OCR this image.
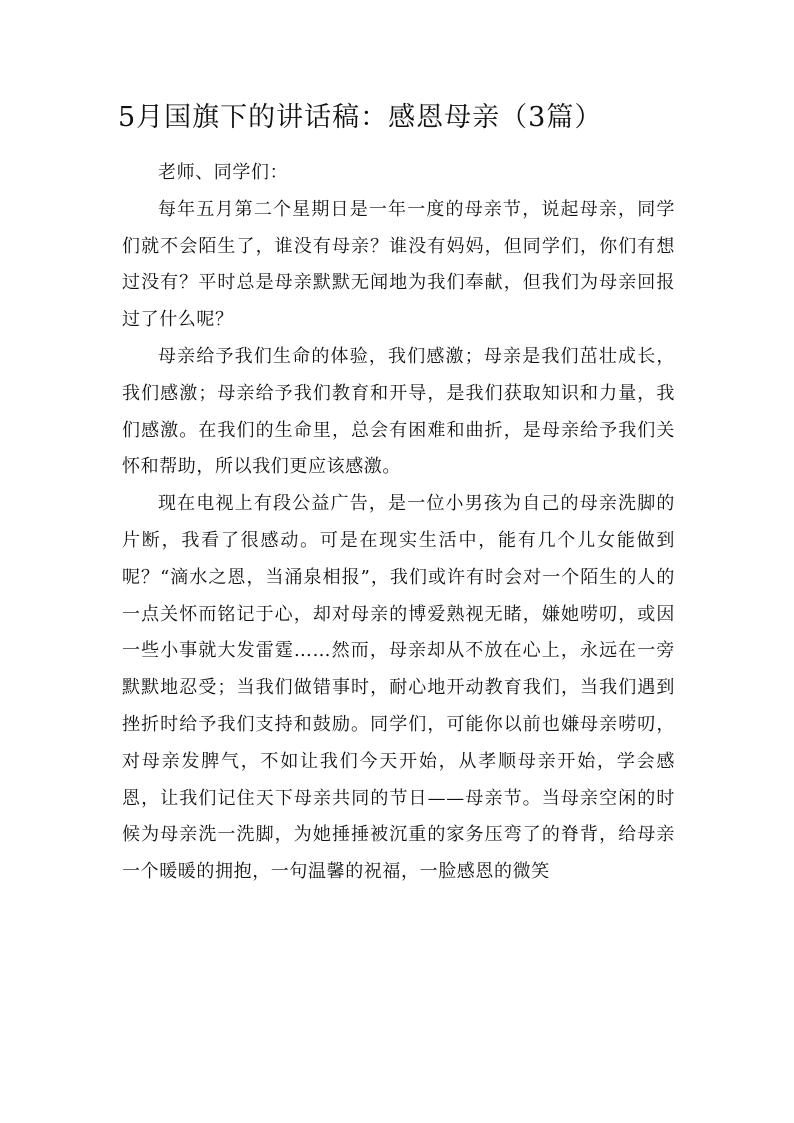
5月国旗下的讲话稿：感恩母亲（3篇）

老师、同学们：

每年五月第二个星期日是一年一度的母亲节，说起母亲，同学们就不会陌生了，谁没有母亲？谁没有妈妈，但同学们，你们有想过没有？平时总是母亲默默无闻地为我们奉献，但我们为母亲回报过了什么呢？

母亲给予我们生命的体验，我们感激；母亲是我们茁壮成长，我们感激；母亲给予我们教育和开导，是我们获取知识和力量，我们感激。在我们的生命里，总会有困难和曲折，是母亲给予我们关怀和帮助，所以我们更应该感激。

现在电视上有段公益广告，是一位小男孩为自己的母亲洗脚的片断，我看了很感动。可是在现实生活中，能有几个儿女能做到呢？“滴水之恩，当涌泉相报”，我们或许有时会对一个陌生的人的一点关怀而铭记于心，却对母亲的博爱熟视无睹，嫌她唠叨，或因一些小事就大发雷霆……然而，母亲却从不放在心上，永远在一旁默默地忍受；当我们做错事时，耐心地开动教育我们，当我们遇到挫折时给予我们支持和鼓励。同学们，可能你以前也嫌母亲唠叨，对母亲发脾气，不如让我们今天开始，从孝顺母亲开始，学会感恩，让我们记住天下母亲共同的节日——母亲节。当母亲空闲的时候为母亲洗一洗脚，为她捶捶被沉重的家务压弯了的脊背，给母亲一个暖暖的拥抱，一句温馨的祝福，一脸感恩的微笑
